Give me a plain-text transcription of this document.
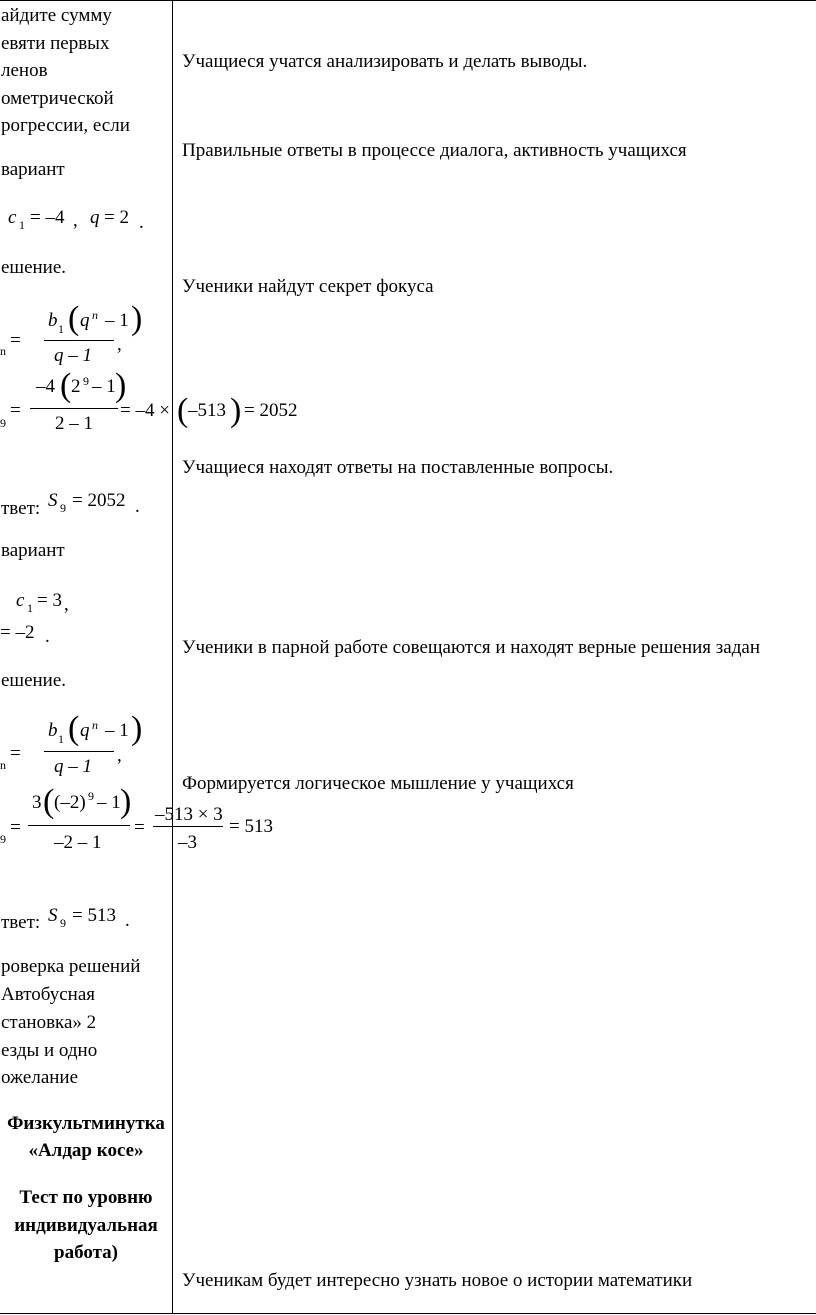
айдите сумму
евяти первых
ленов
ометрической
рогрессии, если
вариант
c 1 = –4 , q = 2 .
ешение.
n =
b 1 ( q n – 1 )
q – 1
,
9
=
–4 ( 2 9 – 1 )
2 – 1
= –4 × ( –513 ) = 2052
твет: S 9 = 2052 .
вариант
c 1 = 3 ,
= –2 .
ешение.
n
=
b 1 ( q n – 1 )
q – 1
,
9
=
3 ( (–2) 9 – 1 )
–2 – 1
=
–513 × 3
–3
= 513
твет: S 9 = 513 .
роверка решений
Автобусная
становка» 2
езды и одно
ожелание
Физкультминутка
«Алдар косе»
Тест по уровню
индивидуальная
работа)
Учащиеся учатся анализировать и делать выводы.
Правильные ответы в процессе диалога, активность учащихся
Ученики найдут секрет фокуса
Учащиеся находят ответы на поставленные вопросы.
Ученики в парной работе совещаются и находят верные решения задан
Формируется логическое мышление у учащихся
Ученикам будет интересно узнать новое о истории математики
